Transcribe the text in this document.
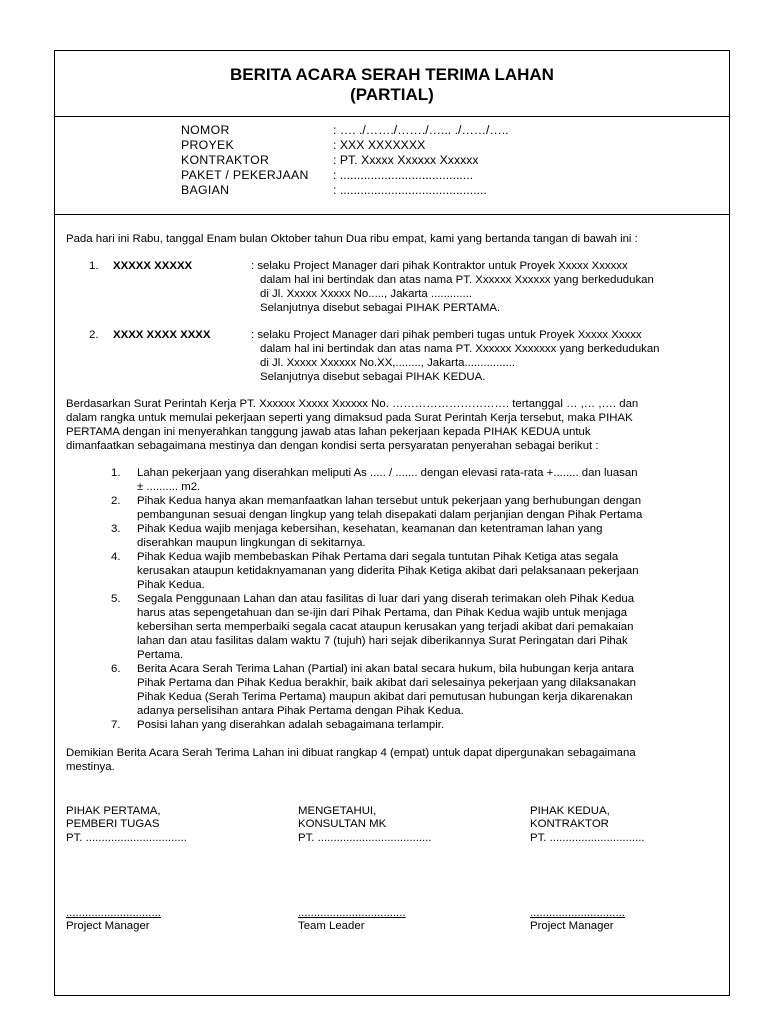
BERITA ACARA SERAH TERIMA LAHAN
(PARTIAL)
NOMOR	: …. ./……./……./…... ./……/…..
PROYEK	: XXX XXXXXXX
KONTRAKTOR	: PT. Xxxxx Xxxxxx Xxxxxx
PAKET / PEKERJAAN : .......................................
BAGIAN	: ...........................................
Pada hari ini Rabu, tanggal Enam bulan Oktober tahun Dua ribu empat, kami yang bertanda tangan di bawah ini :
1. XXXXX XXXXX	: selaku Project Manager dari pihak Kontraktor untuk Proyek Xxxxx Xxxxxx
dalam hal ini bertindak dan atas nama PT. Xxxxxx Xxxxxx yang berkedudukan
di Jl. Xxxxx Xxxxx No....., Jakarta .............
Selanjutnya disebut sebagai PIHAK PERTAMA.
2. XXXX XXXX XXXX	: selaku Project Manager dari pihak pemberi tugas untuk Proyek Xxxxx Xxxxx
dalam hal ini bertindak dan atas nama PT. Xxxxxx Xxxxxxx yang berkedudukan
di Jl. Xxxxx Xxxxxx No.XX,........, Jakarta................
Selanjutnya disebut sebagai PIHAK KEDUA.
Berdasarkan Surat Perintah Kerja PT. Xxxxxx Xxxxx Xxxxxx No. …………………………. tertanggal … ,… ,…. dan
dalam rangka untuk memulai pekerjaan seperti yang dimaksud pada Surat Perintah Kerja tersebut, maka PIHAK
PERTAMA dengan ini menyerahkan tanggung jawab atas lahan pekerjaan kepada PIHAK KEDUA untuk
dimanfaatkan sebagaimana mestinya dan dengan kondisi serta persyaratan penyerahan sebagai berikut :
1. Lahan pekerjaan yang diserahkan meliputi As ..... / ....... dengan elevasi rata-rata +........ dan luasan
± .......... m2.
2. Pihak Kedua hanya akan memanfaatkan lahan tersebut untuk pekerjaan yang berhubungan dengan
pembangunan sesuai dengan lingkup yang telah disepakati dalam perjanjian dengan Pihak Pertama
3. Pihak Kedua wajib menjaga kebersihan, kesehatan, keamanan dan ketentraman lahan yang
diserahkan maupun lingkungan di sekitarnya.
4. Pihak Kedua wajib membebaskan Pihak Pertama dari segala tuntutan Pihak Ketiga atas segala
kerusakan ataupun ketidaknyamanan yang diderita Pihak Ketiga akibat dari pelaksanaan pekerjaan
Pihak Kedua.
5. Segala Penggunaan Lahan dan atau fasilitas di luar dari yang diserah terimakan oleh Pihak Kedua
harus atas sepengetahuan dan se-ijin dari Pihak Pertama, dan Pihak Kedua wajib untuk menjaga
kebersihan serta memperbaiki segala cacat ataupun kerusakan yang terjadi akibat dari pemakaian
lahan dan atau fasilitas dalam waktu 7 (tujuh) hari sejak diberikannya Surat Peringatan dari Pihak
Pertama.
6. Berita Acara Serah Terima Lahan (Partial) ini akan batal secara hukum, bila hubungan kerja antara
Pihak Pertama dan Pihak Kedua berakhir, baik akibat dari selesainya pekerjaan yang dilaksanakan
Pihak Kedua (Serah Terima Pertama) maupun akibat dari pemutusan hubungan kerja dikarenakan
adanya perselisihan antara Pihak Pertama dengan Pihak Kedua.
7. Posisi lahan yang diserahkan adalah sebagaimana terlampir.
Demikian Berita Acara Serah Terima Lahan ini dibuat rangkap 4 (empat) untuk dapat dipergunakan sebagaimana
mestinya.
PIHAK PERTAMA,
PEMBERI TUGAS
PT. ................................
MENGETAHUI,
KONSULTAN MK
PT. ....................................
PIHAK KEDUA,
KONTRAKTOR
PT. ..............................
..............................
Project Manager
..................................
Team Leader
..............................
Project Manager
